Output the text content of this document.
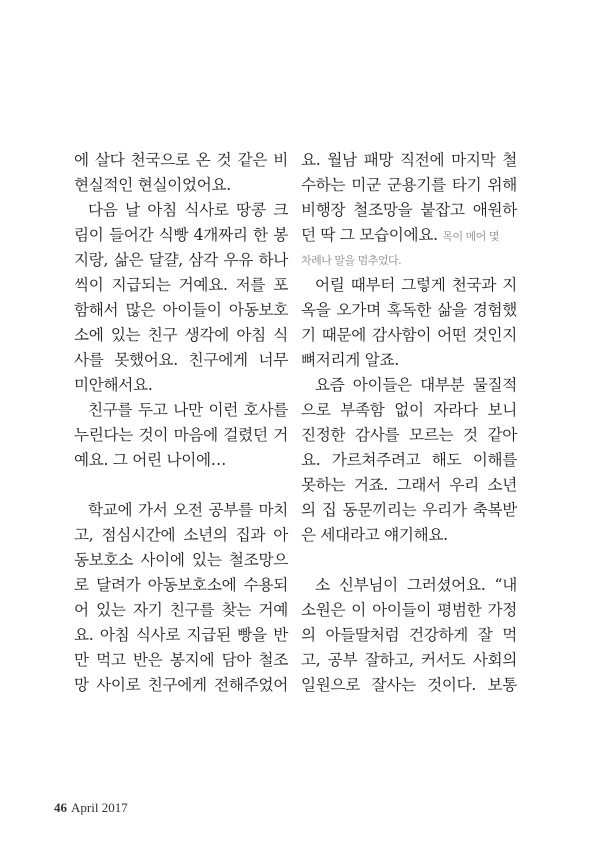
에 살다 천국으로 온 것 같은 비
현실적인 현실이었어요.
다음 날 아침 식사로 땅콩 크
림이 들어간 식빵 4개짜리 한 봉
지랑, 삶은 달걀, 삼각 우유 하나
씩이 지급되는 거예요. 저를 포
함해서 많은 아이들이 아동보호
소에 있는 친구 생각에 아침 식
사를 못했어요. 친구에게 너무
미안해서요.
친구를 두고 나만 이런 호사를
누린다는 것이 마음에 걸렸던 거
예요. 그 어린 나이에…
학교에 가서 오전 공부를 마치
고, 점심시간에 소년의 집과 아
동보호소 사이에 있는 철조망으
로 달려가 아동보호소에 수용되
어 있는 자기 친구를 찾는 거예
요. 아침 식사로 지급된 빵을 반
만 먹고 반은 봉지에 담아 철조
망 사이로 친구에게 전해주었어
요. 월남 패망 직전에 마지막 철
수하는 미군 군용기를 타기 위해
비행장 철조망을 붙잡고 애원하
던 딱 그 모습이에요. 목이 메어 몇
차례나 말을 멈추었다.
어릴 때부터 그렇게 천국과 지
옥을 오가며 혹독한 삶을 경험했
기 때문에 감사함이 어떤 것인지
뼈저리게 알죠.
요즘 아이들은 대부분 물질적
으로 부족함 없이 자라다 보니
진정한 감사를 모르는 것 같아
요. 가르쳐주려고 해도 이해를
못하는 거죠. 그래서 우리 소년
의 집 동문끼리는 우리가 축복받
은 세대라고 얘기해요.
소 신부님이 그러셨어요. “내
소원은 이 아이들이 평범한 가정
의 아들딸처럼 건강하게 잘 먹
고, 공부 잘하고, 커서도 사회의
일원으로 잘사는 것이다. 보통
46 April 2017
